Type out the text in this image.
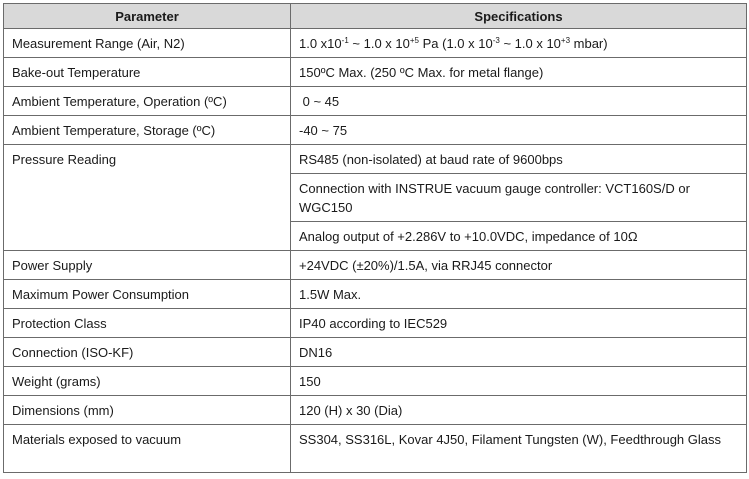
Parameter	Specifications

Measurement Range (Air, N2)	1.0 $x10^{-1}$ ~ 1.0 x $10^{+5}$ Pa (1.0 x $10^{-3}$ ~ 1.0 x $10^{+3}$ mbar)

Bake-out Temperature	150ºC Max. (250 ºC Max. for metal flange)

Ambient Temperature, Operation (ºC)	0 ~ 45

Ambient Temperature, Storage (ºC)	-40 ~ 75

Pressure Reading	RS485 (non-isolated) at baud rate of 9600bps

	Connection with INSTRUE vacuum gauge controller: VCT160S/D or WGC150

	Analog output of +2.286V to +10.0VDC, impedance of 10Ω

Power Supply	+24VDC (±20%)/1.5A, via RRJ45 connector

Maximum Power Consumption	1.5W Max.

Protection Class	IP40 according to IEC529

Connection (ISO-KF)	DN16

Weight (grams)	150

Dimensions (mm)	120 (H) x 30 (Dia)

Materials exposed to vacuum	SS304, SS316L, Kovar 4J50, Filament Tungsten (W), Feedthrough Glass
